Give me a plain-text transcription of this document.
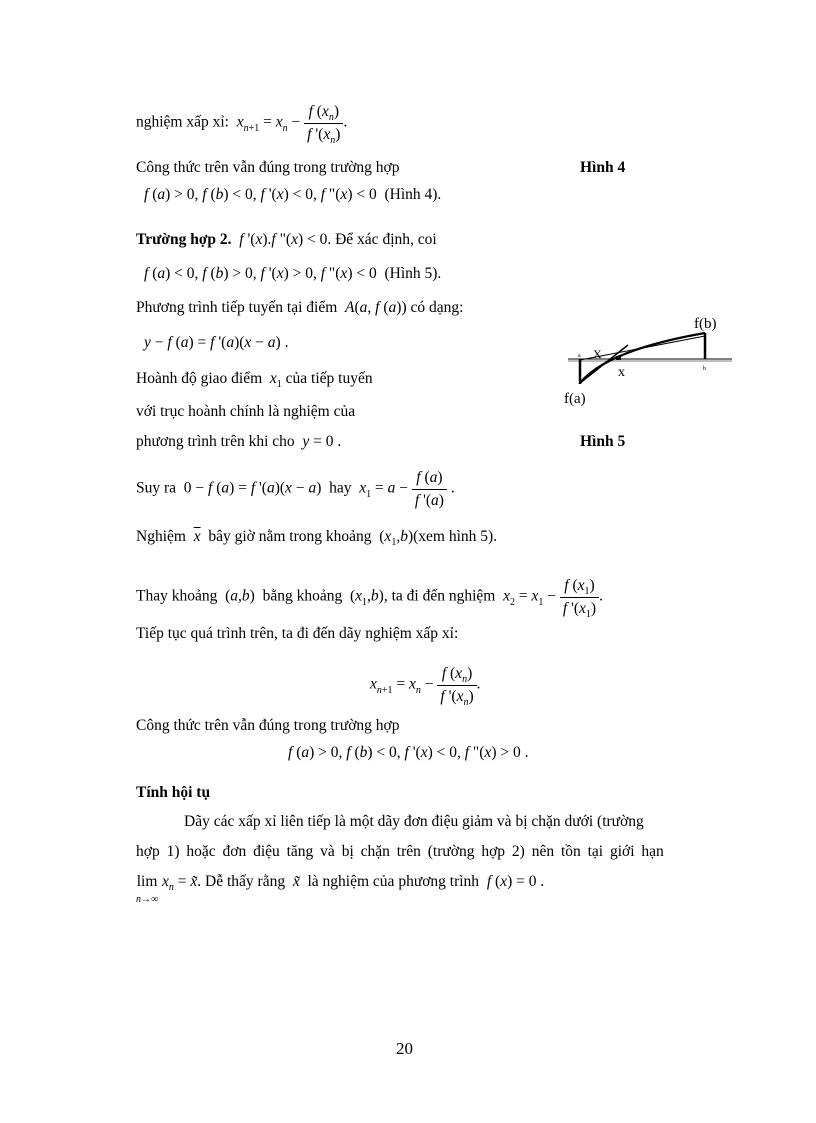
nghiệm xấp xỉ: $x_{n+1} = x_n - \frac{f (x_n)}{f '(x_n)}$ .
Công thức trên vẫn đúng trong trường hợp	Hình 4
f (a) > 0, f (b) < 0, f '(x) < 0, f "(x) < 0  (Hình 4).
Trường hợp 2. f '(x).f "(x) < 0. Để xác định, coi
f (a) < 0, f (b) > 0, f '(x) > 0, f "(x) < 0  (Hình 5).
Phương trình tiếp tuyến tại điểm A(a, f (a)) có dạng:
y − f (a) = f '(a)(x − a) .
Hoành độ giao điểm $x_1$ của tiếp tuyến
với trục hoành chính là nghiệm của
phương trình trên khi cho y = 0 .	Hình 5
f(b)
f(a)
x
X
a
b
Suy ra  0 − f (a) = f '(a)(x − a)  hay $x_1 = a - \frac{f (a)}{f '(a)}$ .
Nghiệm $\overline{x}$ bây giờ nằm trong khoảng  $(x_1,b)(xem$ hình 5).
Thay khoảng  (a,b)  bằng khoảng  $(x_1,b)$, ta đi đến nghiệm $x_2 = x_1 - \frac{f (x_1)}{f '(x_1)}$ .
Tiếp tục quá trình trên, ta đi đến dãy nghiệm xấp xỉ:
$x_{n+1} = x_n - \frac{f (x_n)}{f '(x_n)}$ .
Công thức trên vẫn đúng trong trường hợp
f (a) > 0, f (b) < 0, f '(x) < 0, f "(x) > 0 .
Tính hội tụ
Dãy các xấp xỉ liên tiếp là một dãy đơn điệu giảm và bị chặn dưới (trường
hợp 1) hoặc đơn điệu tăng và bị chặn trên (trường hợp 2) nên tồn tại giới hạn
lim
n→∞ $x_n$ = x̃. Dễ thấy rằng x̃ là nghiệm của phương trình f (x) = 0 .
20
